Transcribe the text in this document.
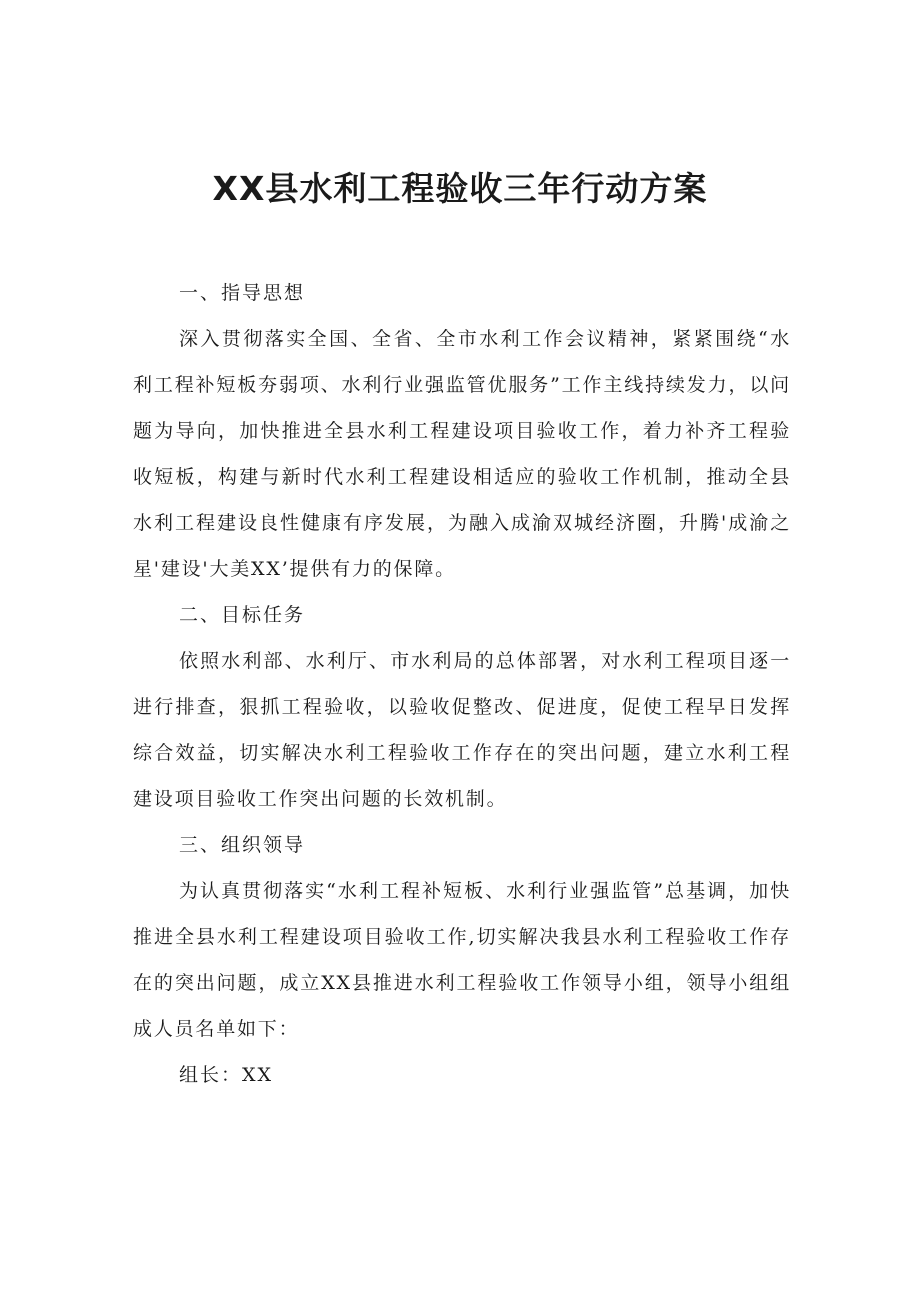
XX县水利工程验收三年行动方案

一、指导思想

深入贯彻落实全国、全省、全市水利工作会议精神，紧紧围绕“水利工程补短板夯弱项、水利行业强监管优服务”工作主线持续发力，以问题为导向，加快推进全县水利工程建设项目验收工作，着力补齐工程验收短板，构建与新时代水利工程建设相适应的验收工作机制，推动全县水利工程建设良性健康有序发展，为融入成渝双城经济圈，升腾'成渝之星'建设'大美XX’提供有力的保障。

二、目标任务

依照水利部、水利厅、市水利局的总体部署，对水利工程项目逐一进行排查，狠抓工程验收，以验收促整改、促进度，促使工程早日发挥综合效益，切实解决水利工程验收工作存在的突出问题，建立水利工程建设项目验收工作突出问题的长效机制。

三、组织领导

为认真贯彻落实“水利工程补短板、水利行业强监管”总基调，加快推进全县水利工程建设项目验收工作,切实解决我县水利工程验收工作存在的突出问题，成立XX县推进水利工程验收工作领导小组，领导小组组成人员名单如下：

组长：XX
